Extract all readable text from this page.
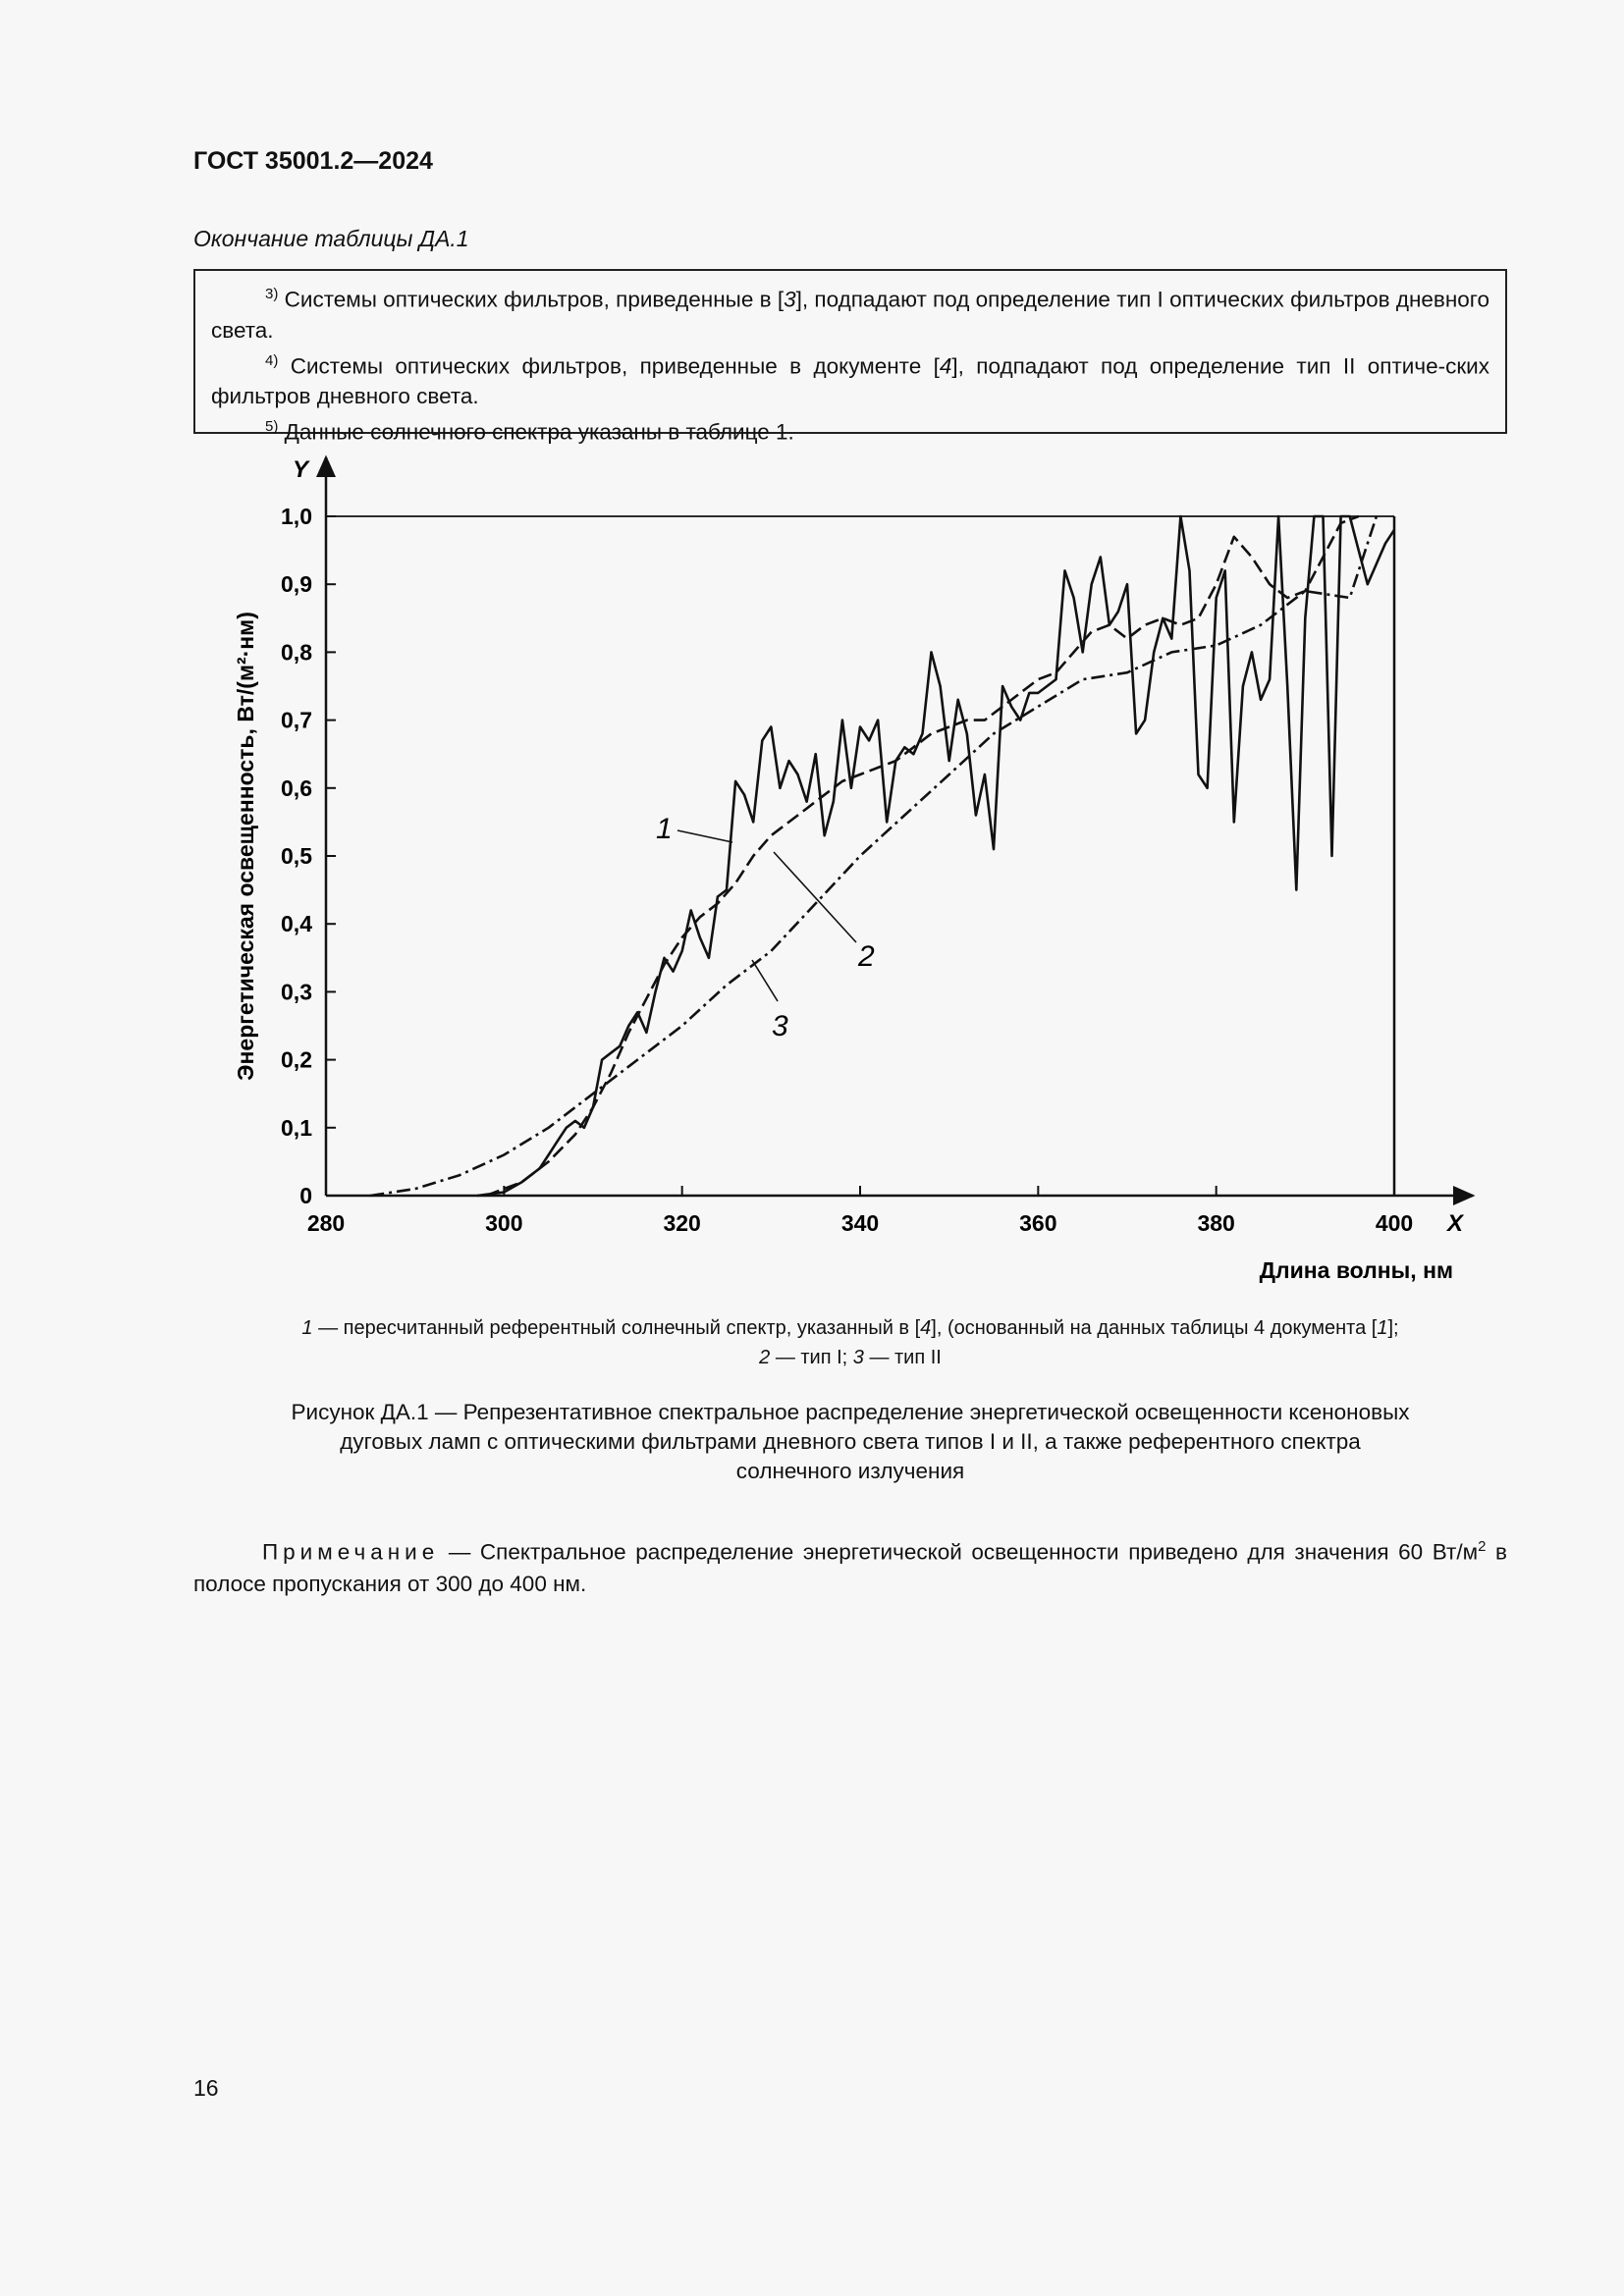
ГОСТ 35001.2—2024
Окончание таблицы ДА.1

$^{3)}$ Системы оптических фильтров, приведенные в [3], подпадают под определение тип I оптических фильтров дневного света.

$^{4)}$ Системы оптических фильтров, приведенные в документе [4], подпадают под определение тип II оптиче-ских фильтров дневного света.

$^{5)}$ Данные солнечного спектра указаны в таблице 1.

280	300	320	340	360	380	400
0
0,1
0,2
0,3
0,4
0,5
0,6
0,7
0,8
0,9
1,0
X
Y
Длина волны, нм
Энергетическая освещенность, Вт/(м²·нм)	1
2
3
1 — пересчитанный референтный солнечный спектр, указанный в [4], (основанный на данных таблицы 4 документа [1];
2 — тип I; 3 — тип II
Рисунок ДА.1 — Репрезентативное спектральное распределение энергетической освещенности ксеноновых
дуговых ламп с оптическими фильтрами дневного света типов I и II, а также референтного спектра
солнечного излучения
Примечание — Спектральное распределение энергетической освещенности приведено для значения 60 $Вт/м^2$ в полосе пропускания от 300 до 400 нм.
16
